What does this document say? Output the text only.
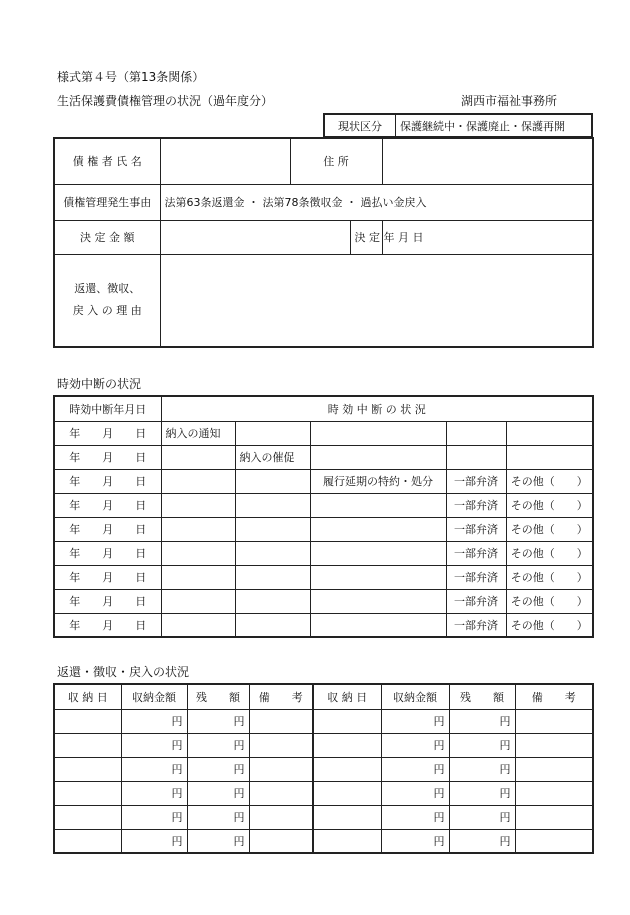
様式第４号（第13条関係）
生活保護費債権管理の状況（過年度分）	湖西市福祉事務所
現状区分	保護継続中・保護廃止・保護再開
債 権 者 氏 名		住 所		
債権管理発生事由	法第63条返還金 ・ 法第78条徴収金 ・ 過払い金戻入			
決 定 金 額			決 定 年 月 日	

返還、徴収、
戻 入 の 理 由				

時効中断の状況
時効中断年月日	時 効 中 断 の 状 況				
年　　月　　日	納入の通知				
年　　月　　日		納入の催促			
年　　月　　日			履行延期の特約・処分	一部弁済	その他（　　）
年　　月　　日				一部弁済	その他（　　）
年　　月　　日				一部弁済	その他（　　）
年　　月　　日				一部弁済	その他（　　）
年　　月　　日				一部弁済	その他（　　）
年　　月　　日				一部弁済	その他（　　）
年　　月　　日				一部弁済	その他（　　）
返還・徴収・戻入の状況
収 納 日	収納金額	残　　額	備　　考	収 納 日	収納金額	残　　額	備　　考
	円	円			円	円	
	円	円			円	円	
	円	円			円	円	
	円	円			円	円	
	円	円			円	円	
	円	円			円	円	
